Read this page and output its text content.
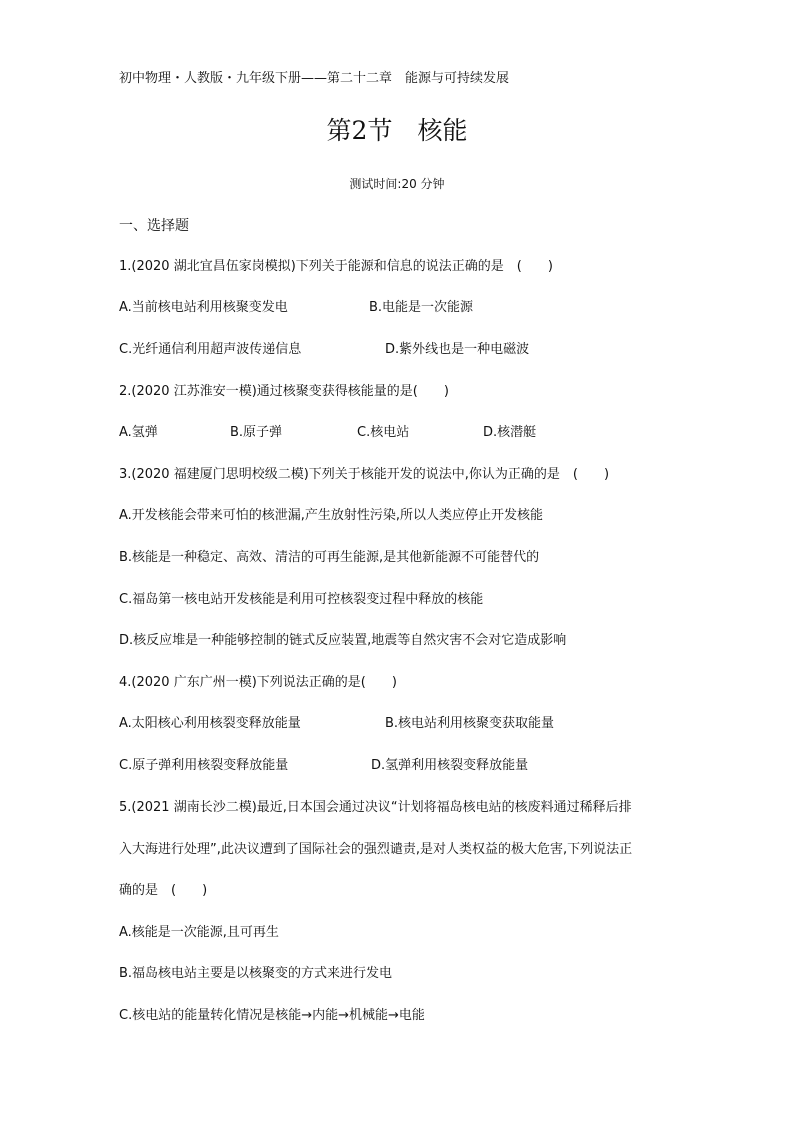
初中物理・人教版・九年级下册——第二十二章　能源与可持续发展
第2节　核能
测试时间:20 分钟
一、选择题
1.(2020 湖北宜昌伍家岗模拟)下列关于能源和信息的说法正确的是　(　　)
A.当前核电站利用核聚变发电	B.电能是一次能源
C.光纤通信利用超声波传递信息	D.紫外线也是一种电磁波
2.(2020 江苏淮安一模)通过核聚变获得核能量的是(　　)
A.氢弹	B.原子弹	C.核电站	D.核潜艇
3.(2020 福建厦门思明校级二模)下列关于核能开发的说法中,你认为正确的是　(　　)
A.开发核能会带来可怕的核泄漏,产生放射性污染,所以人类应停止开发核能
B.核能是一种稳定、高效、清洁的可再生能源,是其他新能源不可能替代的
C.福岛第一核电站开发核能是利用可控核裂变过程中释放的核能
D.核反应堆是一种能够控制的链式反应装置,地震等自然灾害不会对它造成影响
4.(2020 广东广州一模)下列说法正确的是(　　)
A.太阳核心利用核裂变释放能量	B.核电站利用核聚变获取能量
C.原子弹利用核裂变释放能量	D.氢弹利用核裂变释放能量
5.(2021 湖南长沙二模)最近,日本国会通过决议“计划将福岛核电站的核废料通过稀释后排
入大海进行处理”,此决议遭到了国际社会的强烈谴责,是对人类权益的极大危害,下列说法正
确的是　(　　)
A.核能是一次能源,且可再生
B.福岛核电站主要是以核聚变的方式来进行发电
C.核电站的能量转化情况是核能→内能→机械能→电能
